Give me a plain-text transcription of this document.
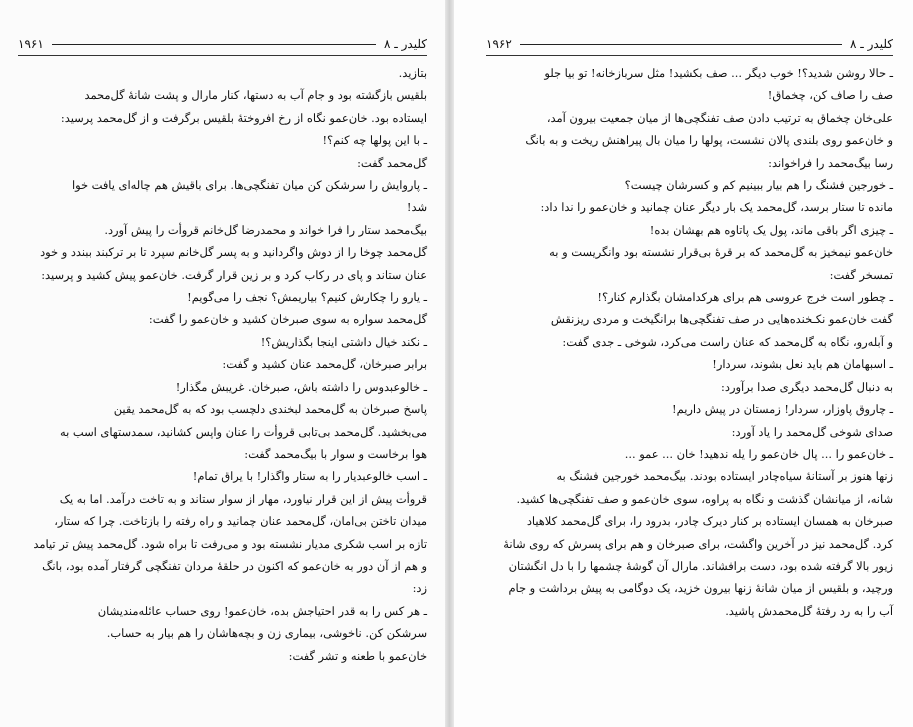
کلیدر ـ ۸
۱۹۶۱

بتازید.

بلقیس بازگشته بود و جام آب به دستها، کنار مارال و پشت شانهٔ گل‌محمد

ایستاده بود. خان‌عمو نگاه از رخ افروختهٔ بلقیس برگرفت و از گل‌محمد پرسید:

ـ با این پولها چه کنم؟!

گل‌محمد گفت:

ـ پاروایش را سرشکن کن میان تفنگچی‌ها. برای باقیش هم چاله‌ای یافت خوا

شد!

بیگ‌محمد ستار را فرا خواند و محمدرضا گل‌خانم قروأت را پیش آورد.

گل‌محمد چوخا را از دوش واگردانید و به پسر گل‌خانم سپرد تا بر ترکبند ببندد و خود

عنان ستاند و پای در رکاب کرد و بر زین قرار گرفت. خان‌عمو پیش کشید و پرسید:

ـ یارو را چکارش کنیم؟ بیاریمش؟ نجف را می‌گویم!

گل‌محمد سواره به سوی صبرخان کشید و خان‌عمو را گفت:

ـ نکند خیال داشتی اینجا بگذاریش؟!

برابر صبرخان، گل‌محمد عنان کشید و گفت:

ـ خالوعبدوس را داشته باش، صبرخان. غریبش مگذار!

پاسخ صبرخان به گل‌محمد لبخندی دلچسب بود که به گل‌محمد یقین

می‌بخشید. گل‌محمد بی‌تابی قروأت را عنان واپس کشانید، سمدستهای اسب به

هوا برخاست و سوار با بیگ‌محمد گفت:

ـ اسب خالوعبدیار را به ستار واگذار! با یراق تمام!

قروأت پیش از این قرار نیاورد، مهار از سوار ستاند و به تاخت درآمد. اما به یک

میدان تاختن بی‌امان، گل‌محمد عنان چمانید و راه رفته را بازتاخت. چرا که ستار،

تازه بر اسب شکری مدیار نشسته بود و می‌رفت تا براه شود. گل‌محمد پیش تر تیامد

و هم از آن دور به خان‌عمو که اکنون در حلقهٔ مردان تفنگچی گرفتار آمده بود، بانگ

زد:

ـ هر کس را به قدر احتیاجش بده، خان‌عمو! روی حساب عائله‌مندیشان

سرشکن کن. ناخوشی، بیماری زن و بچه‌هاشان را هم بیار به حساب.

خان‌عمو با طعنه و تشر گفت:

کلیدر ـ ۸
۱۹۶۲

ـ حالا روشن شدید؟! خوب دیگر ... صف بکشید! مثل سربازخانه! تو بیا جلو

صف را صاف کن، چخماق!

علی‌خان چخماق به ترتیب دادن صف تفنگچی‌ها از میان جمعیت بیرون آمد،

و خان‌عمو روی بلندی پالان نشست، پولها را میان بال پیراهنش ریخت و به بانگ

رسا بیگ‌محمد را فراخواند:

ـ خورجین فشنگ را هم بیار ببینیم کم و کسرشان چیست؟

مانده تا ستار برسد، گل‌محمد یک بار دیگر عنان چمانید و خان‌عمو را ندا داد:

ـ چیزی اگر باقی ماند، پول یک پاتاوه هم بهشان بده!

خان‌عمو نیمخیز به گل‌محمد که بر قرهٔ بی‌قرار نشسته بود وانگریست و به

تمسخر گفت:

ـ چطور است خرج عروسی هم برای هرکدامشان بگذارم کنار؟!

گفت خان‌عمو نکـخنده‌هایی در صف تفنگچی‌ها برانگیخت و مردی ریزنقش

و آبله‌رو، نگاه به گل‌محمد که عنان راست می‌کرد، شوخی ـ جدی گفت:

ـ اسبهامان هم باید نعل بشوند، سردار!

به دنبال گل‌محمد دیگری صدا برآورد:

ـ چاروق پاوزار، سردار! زمستان در پیش داریم!

صدای شوخی گل‌محمد را یاد آورد:

ـ خان‌عمو را ... پال خان‌عمو را یله ندهید! خان ... عمو ...

زنها هنوز بر آستانهٔ سیاه‌چادر ایستاده بودند. بیگ‌محمد خورجین فشنگ به

شانه، از میانشان گذشت و نگاه به پراوه، سوی خان‌عمو و صف تفنگچی‌ها کشید.

صبرخان به همسان ایستاده بر کنار دیرک چادر، بدرود را، برای گل‌محمد کلاهیاد

کرد. گل‌محمد نیز در آخرین واگشت، برای صبرخان و هم برای پسرش که روی شانهٔ

زیور بالا گرفته شده بود، دست برافشاند. مارال آن گوشهٔ چشمها را با دل انگشتان

ورچید، و بلقیس از میان شانهٔ زنها بیرون خزید، یک دوگامی به پیش برداشت و جام

آب را به رد رفتهٔ گل‌محمدش پاشید.
